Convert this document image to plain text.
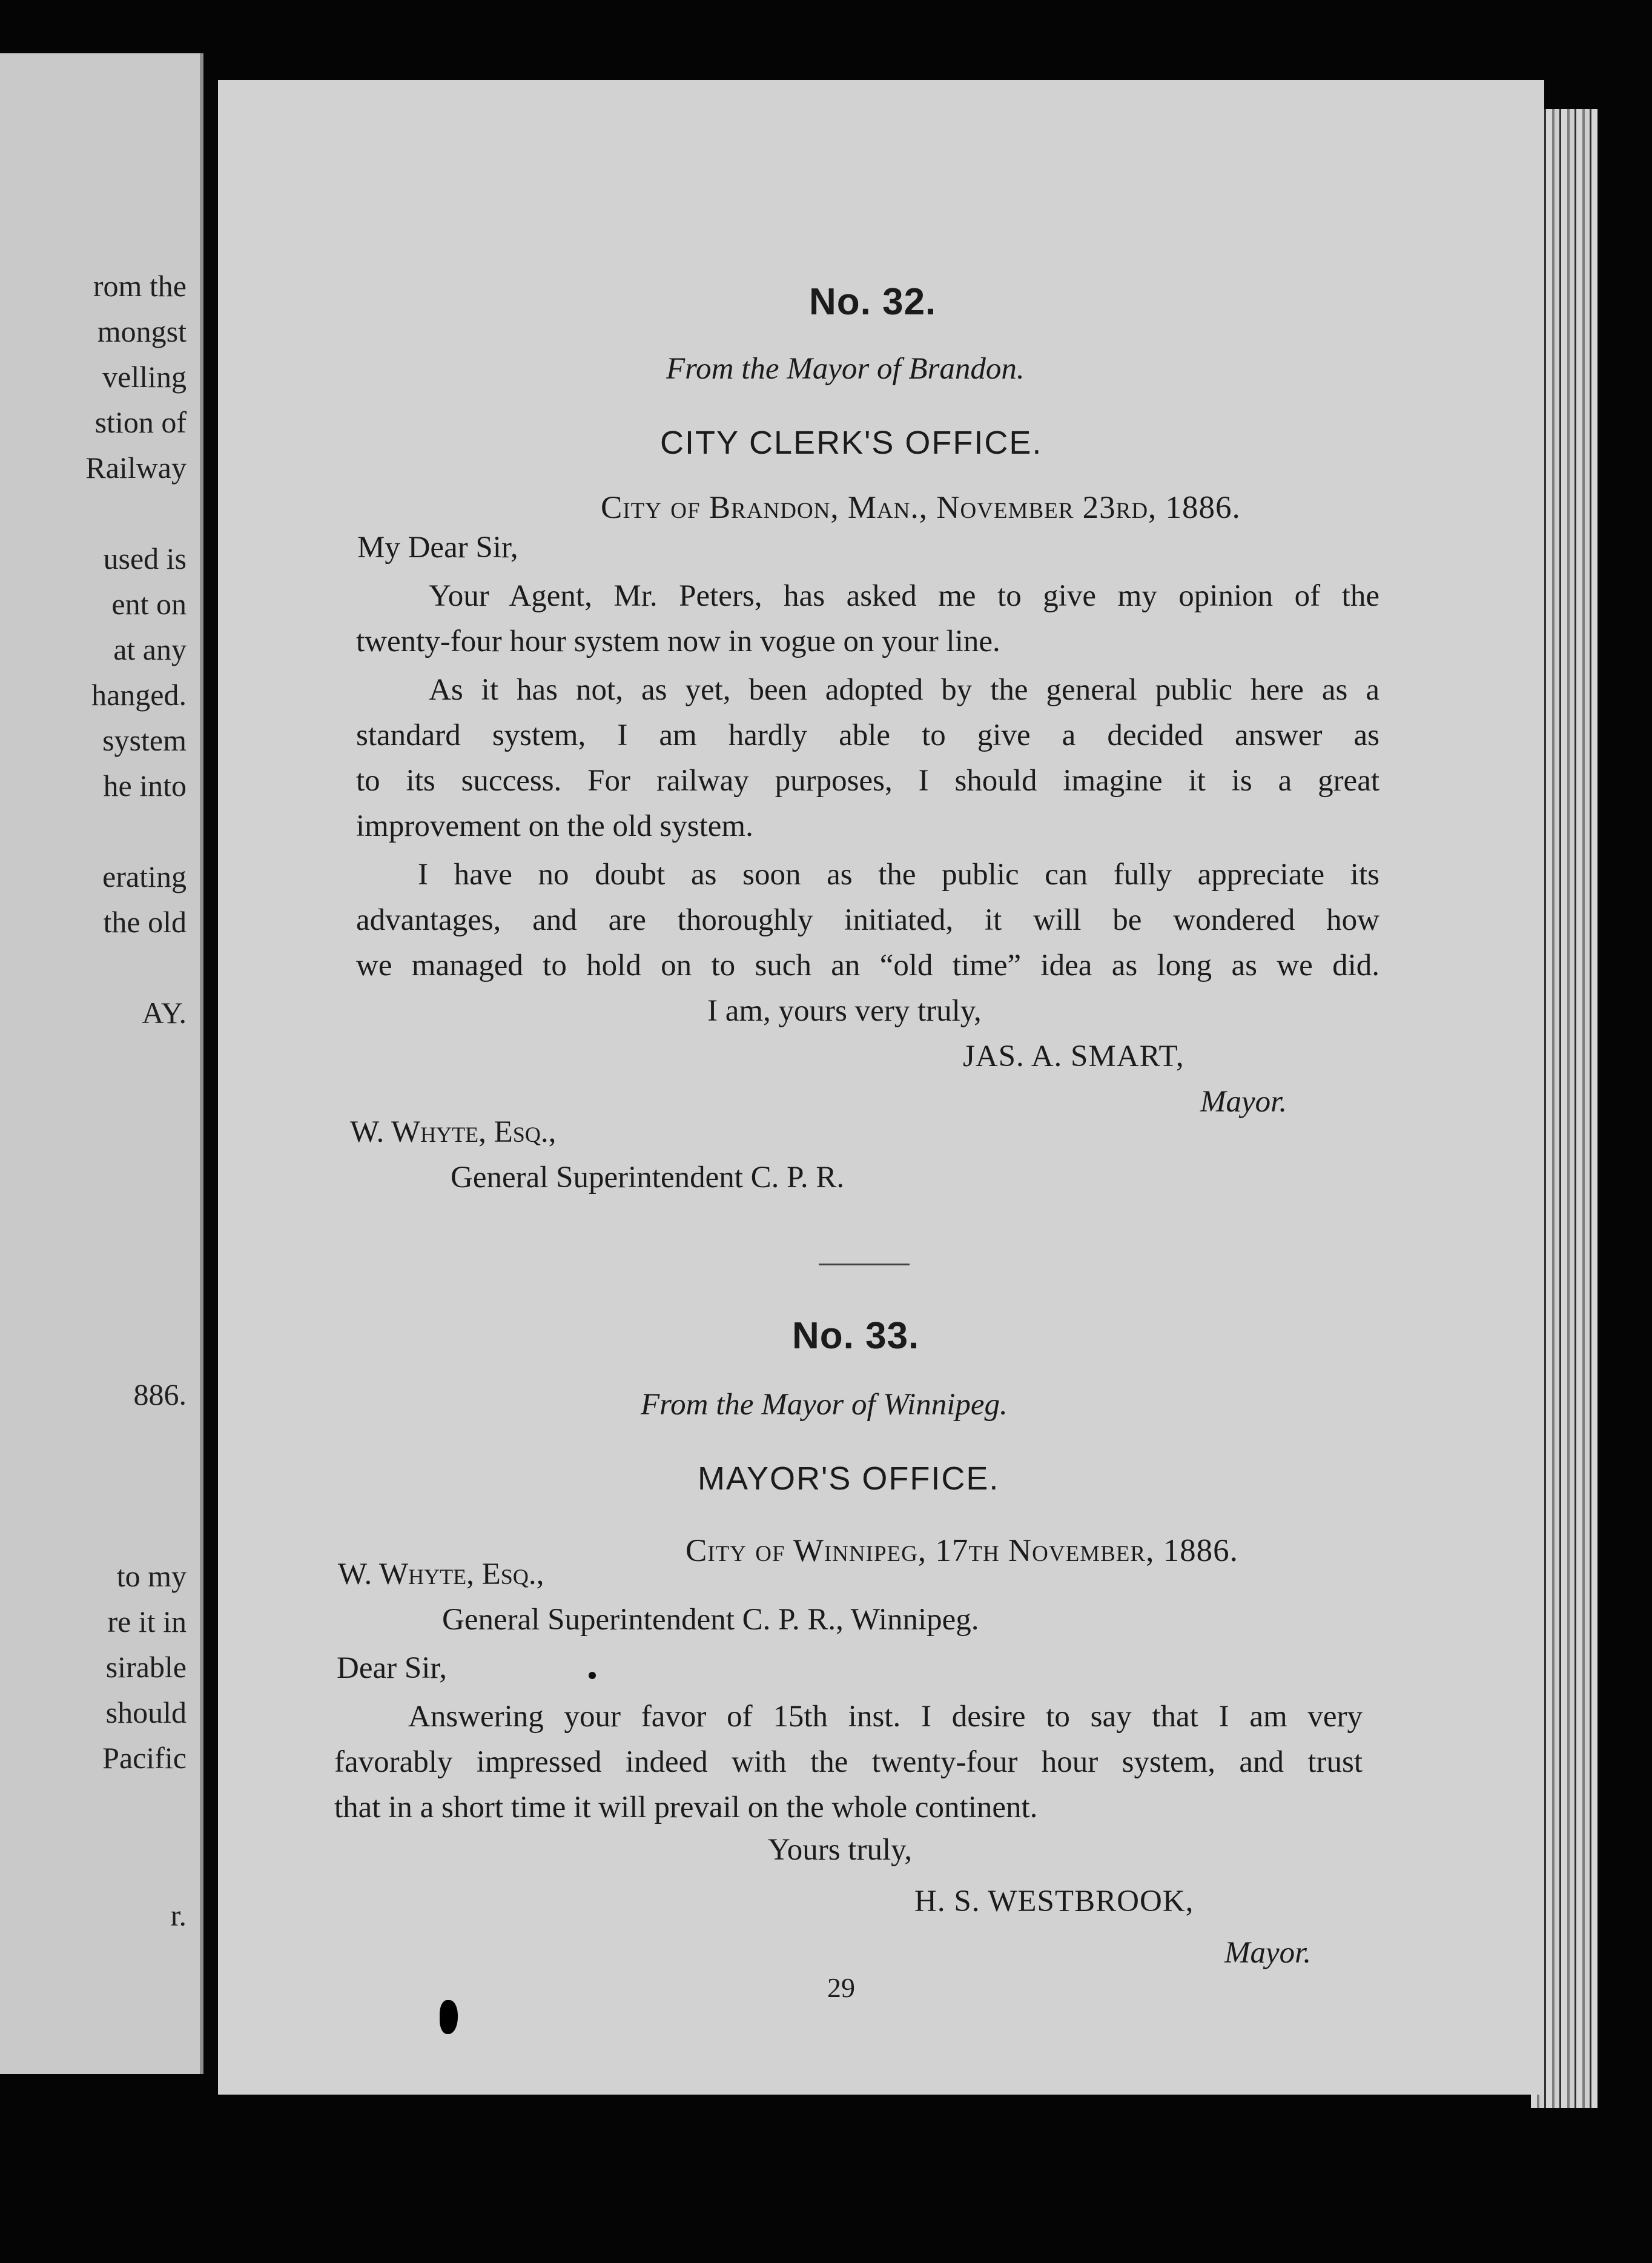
rom the
mongst
velling
stion of
Railway
used is
ent on
at any
hanged.
system
he into
erating
the old
AY.
886.
to my
re it in
sirable
should
Pacific
r.
No. 32.
From the Mayor of Brandon.
CITY CLERK'S OFFICE.
City of Brandon, Man., November 23rd, 1886.
My Dear Sir,
Your Agent, Mr. Peters, has asked me to give my opinion of the
twenty-four hour system now in vogue on your line.
As it has not, as yet, been adopted by the general public here as a
standard system, I am hardly able to give a decided answer as
to its success. For railway purposes, I should imagine it is a great
improvement on the old system.
I have no doubt as soon as the public can fully appreciate its
advantages, and are thoroughly initiated, it will be wondered how
we managed to hold on to such an “old time” idea as long as we did.
I am, yours very truly,
JAS. A. SMART,
Mayor.
W. Whyte, Esq.,
General Superintendent C. P. R.
No. 33.
From the Mayor of Winnipeg.
MAYOR'S OFFICE.
City of Winnipeg, 17th November, 1886.
W. Whyte, Esq.,
General Superintendent C. P. R., Winnipeg.
Dear Sir,
Answering your favor of 15th inst. I desire to say that I am very
favorably impressed indeed with the twenty-four hour system, and trust
that in a short time it will prevail on the whole continent.
Yours truly,
H. S. WESTBROOK,
Mayor.
29
